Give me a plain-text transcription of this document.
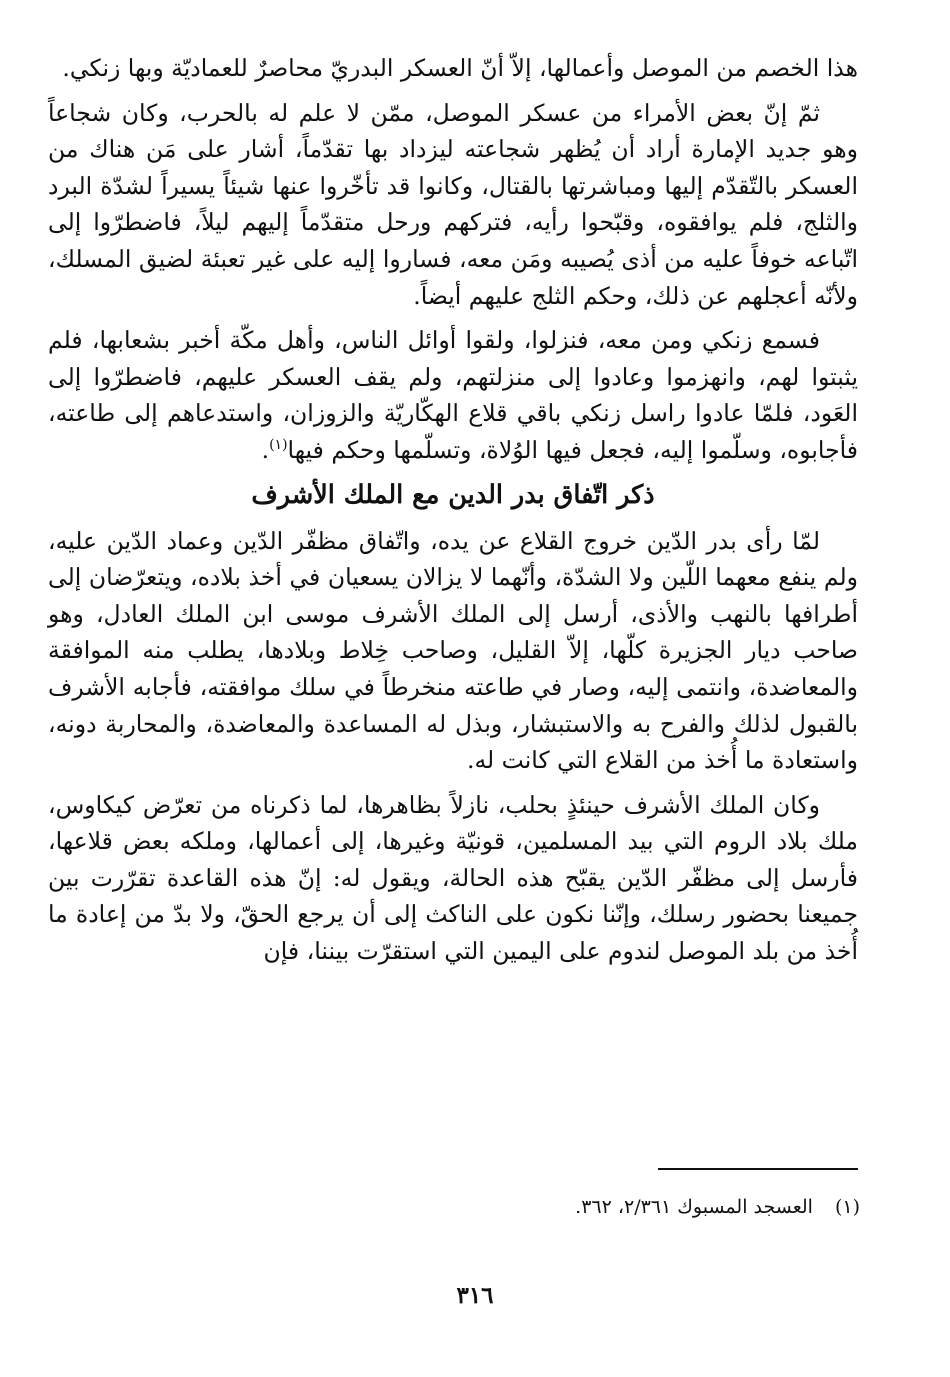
هذا الخصم من الموصل وأعمالها، إلاّ أنّ العسكر البدريّ محاصرٌ للعماديّة وبها زنكي.

ثمّ إنّ بعض الأمراء من عسكر الموصل، ممّن لا علم له بالحرب، وكان شجاعاً وهو جديد الإمارة أراد أن يُظهر شجاعته ليزداد بها تقدّماً، أشار على مَن هناك من العسكر بالتّقدّم إليها ومباشرتها بالقتال، وكانوا قد تأخّروا عنها شيئاً يسيراً لشدّة البرد والثلج، فلم يوافقوه، وقبّحوا رأيه، فتركهم ورحل متقدّماً إليهم ليلاً، فاضطرّوا إلى اتّباعه خوفاً عليه من أذى يُصيبه ومَن معه، فساروا إليه على غير تعبئة لضيق المسلك، ولأنّه أعجلهم عن ذلك، وحكم الثلج عليهم أيضاً.

فسمع زنكي ومن معه، فنزلوا، ولقوا أوائل الناس، وأهل مكّة أخبر بشعابها، فلم يثبتوا لهم، وانهزموا وعادوا إلى منزلتهم، ولم يقف العسكر عليهم، فاضطرّوا إلى العَود، فلمّا عادوا راسل زنكي باقي قلاع الهكّاريّة والزوزان، واستدعاهم إلى طاعته، فأجابوه، وسلّموا إليه، فجعل فيها الوُلاة، وتسلّمها وحكم فيها$^{(١)}$.

ذكر اتّفاق بدر الدين مع الملك الأشرف

لمّا رأى بدر الدّين خروج القلاع عن يده، واتّفاق مظفّر الدّين وعماد الدّين عليه، ولم ينفع معهما اللّين ولا الشدّة، وأنّهما لا يزالان يسعيان في أخذ بلاده، ويتعرّضان إلى أطرافها بالنهب والأذى، أرسل إلى الملك الأشرف موسى ابن الملك العادل، وهو صاحب ديار الجزيرة كلّها، إلاّ القليل، وصاحب خِلاط وبلادها، يطلب منه الموافقة والمعاضدة، وانتمى إليه، وصار في طاعته منخرطاً في سلك موافقته، فأجابه الأشرف بالقبول لذلك والفرح به والاستبشار، وبذل له المساعدة والمعاضدة، والمحاربة دونه، واستعادة ما أُخذ من القلاع التي كانت له.

وكان الملك الأشرف حينئذٍ بحلب، نازلاً بظاهرها، لما ذكرناه من تعرّض كيكاوس، ملك بلاد الروم التي بيد المسلمين، قونيّة وغيرها، إلى أعمالها، وملكه بعض قلاعها، فأرسل إلى مظفّر الدّين يقبّح هذه الحالة، ويقول له: إنّ هذه القاعدة تقرّرت بين جميعنا بحضور رسلك، وإنّنا نكون على الناكث إلى أن يرجع الحقّ، ولا بدّ من إعادة ما أُخذ من بلد الموصل لندوم على اليمين التي استقرّت بيننا، فإن

(١)العسجد المسبوك ٢/٣٦١، ٣٦٢.
٣١٦
